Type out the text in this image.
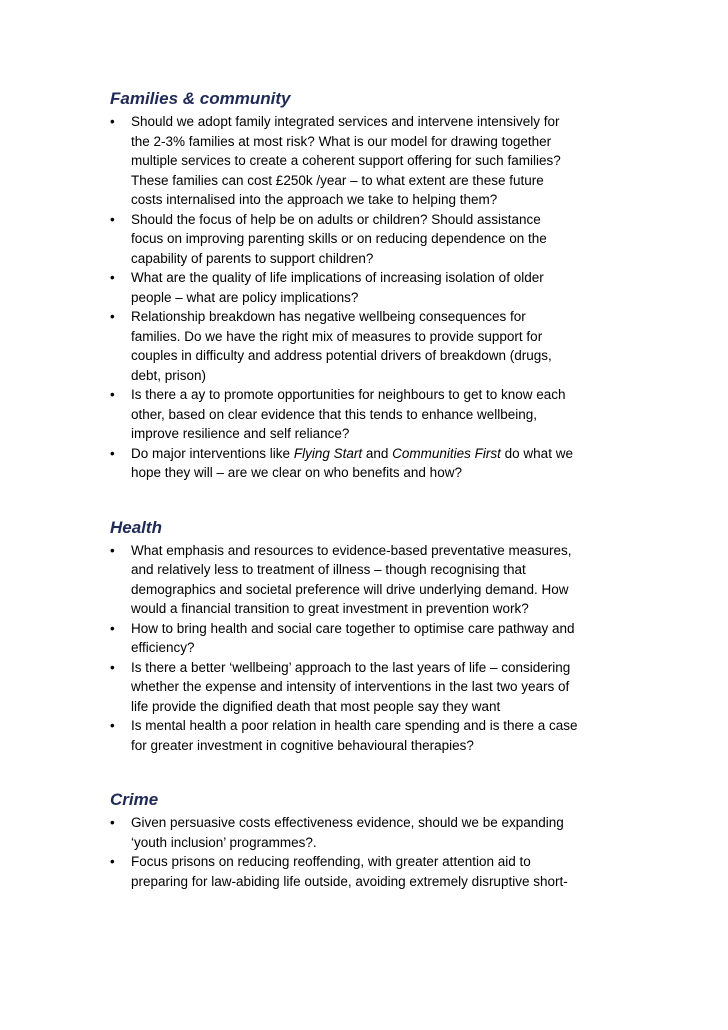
Families & community
•	Should we adopt family integrated services and intervene intensively for
the 2-3% families at most risk? What is our model for drawing together
multiple services to create a coherent support offering for such families?
These families can cost £250k /year – to what extent are these future
costs internalised into the approach we take to helping them?
•	Should the focus of help be on adults or children? Should assistance
focus on improving parenting skills or on reducing dependence on the
capability of parents to support children?
•	What are the quality of life implications of increasing isolation of older
people – what are policy implications?
•	Relationship breakdown has negative wellbeing consequences for
families. Do we have the right mix of measures to provide support for
couples in difficulty and address potential drivers of breakdown (drugs,
debt, prison)
•	Is there a ay to promote opportunities for neighbours to get to know each
other, based on clear evidence that this tends to enhance wellbeing,
improve resilience and self reliance?
•	Do major interventions like Flying Start and Communities First do what we
hope they will – are we clear on who benefits and how?
Health
•	What emphasis and resources to evidence-based preventative measures,
and relatively less to treatment of illness – though recognising that
demographics and societal preference will drive underlying demand. How
would a financial transition to great investment in prevention work?
•	How to bring health and social care together to optimise care pathway and
efficiency?
•	Is there a better ‘wellbeing’ approach to the last years of life – considering
whether the expense and intensity of interventions in the last two years of
life provide the dignified death that most people say they want
•	Is mental health a poor relation in health care spending and is there a case
for greater investment in cognitive behavioural therapies?
Crime
•	Given persuasive costs effectiveness evidence, should we be expanding
‘youth inclusion’ programmes?.
•	Focus prisons on reducing reoffending, with greater attention aid to
preparing for law-abiding life outside, avoiding extremely disruptive short-
